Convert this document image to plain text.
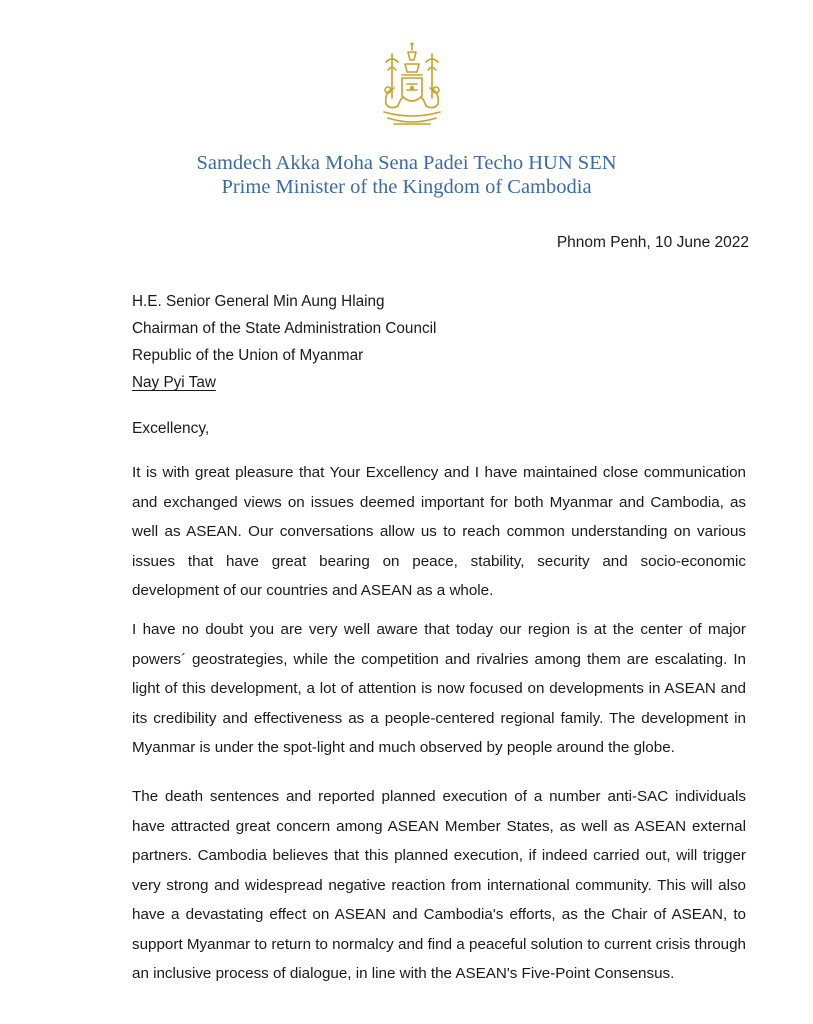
Samdech Akka Moha Sena Padei Techo HUN SEN
Prime Minister of the Kingdom of Cambodia
Phnom Penh, 10 June 2022
H.E. Senior General Min Aung Hlaing
Chairman of the State Administration Council
Republic of the Union of Myanmar
Nay Pyi Taw
Excellency,

It is with great pleasure that Your Excellency and I have maintained close communication and exchanged views on issues deemed important for both Myanmar and Cambodia, as well as ASEAN. Our conversations allow us to reach common understanding on various issues that have great bearing on peace, stability, security and socio-economic development of our countries and ASEAN as a whole.

I have no doubt you are very well aware that today our region is at the center of major powers´ geostrategies, while the competition and rivalries among them are escalating. In light of this development, a lot of attention is now focused on developments in ASEAN and its credibility and effectiveness as a people-centered regional family. The development in Myanmar is under the spot-light and much observed by people around the globe.

The death sentences and reported planned execution of a number anti-SAC individuals have attracted great concern among ASEAN Member States, as well as ASEAN external partners. Cambodia believes that this planned execution, if indeed carried out, will trigger very strong and widespread negative reaction from international community. This will also have a devastating effect on ASEAN and Cambodia's efforts, as the Chair of ASEAN, to support Myanmar to return to normalcy and find a peaceful solution to current crisis through an inclusive process of dialogue, in line with the ASEAN's Five-Point Consensus.
